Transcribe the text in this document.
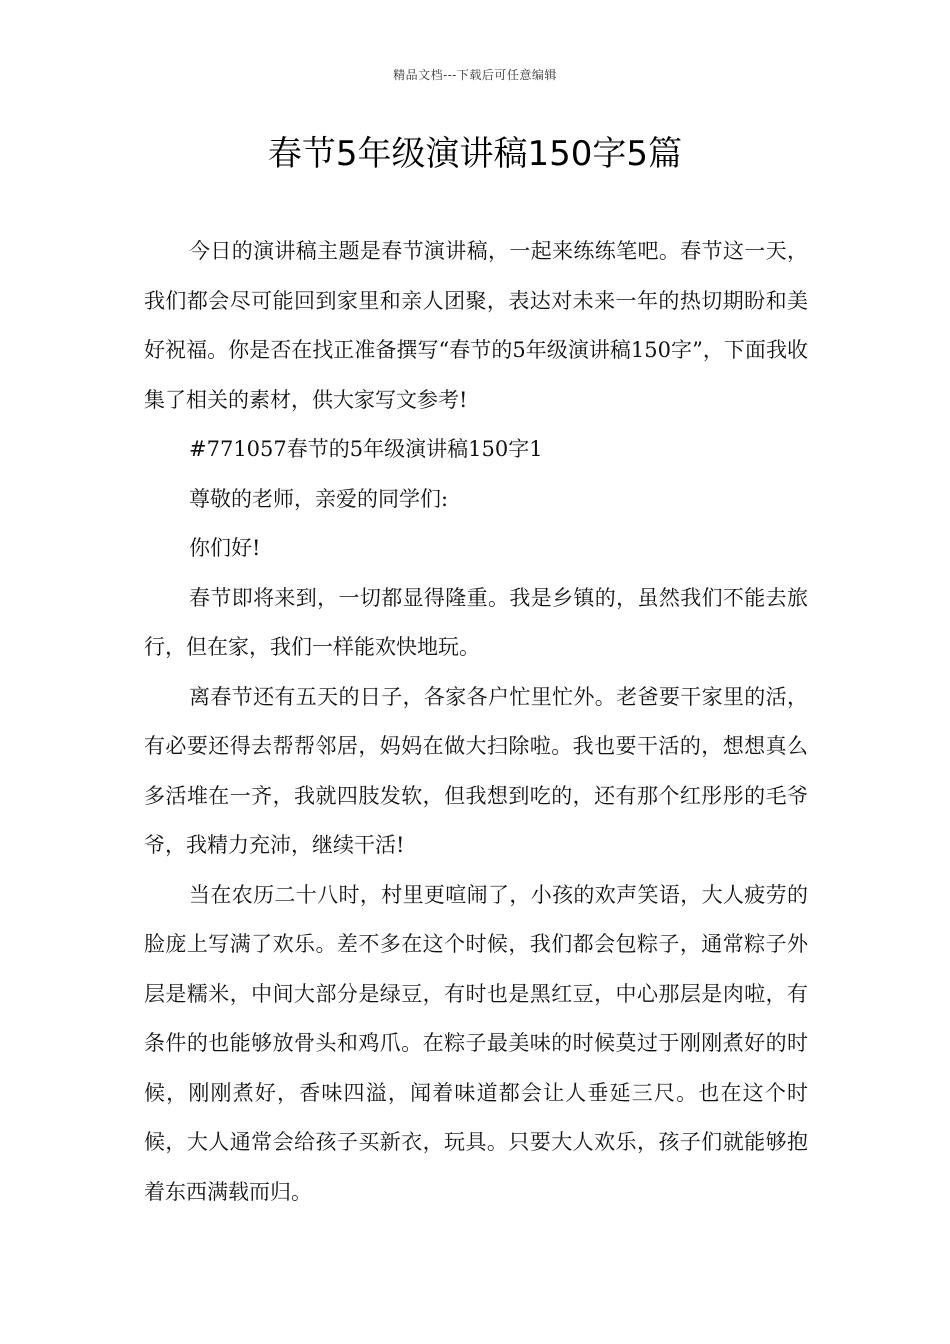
精品文档---下载后可任意编辑
春节5年级演讲稿150字5篇

今日的演讲稿主题是春节演讲稿，一起来练练笔吧。春节这一天，我们都会尽可能回到家里和亲人团聚，表达对未来一年的热切期盼和美好祝福。你是否在找正准备撰写“春节的5年级演讲稿150字”，下面我收集了相关的素材，供大家写文参考!

#771057春节的5年级演讲稿150字1

尊敬的老师，亲爱的同学们:

你们好!

春节即将来到，一切都显得隆重。我是乡镇的，虽然我们不能去旅行，但在家，我们一样能欢快地玩。

离春节还有五天的日子，各家各户忙里忙外。老爸要干家里的活，有必要还得去帮帮邻居，妈妈在做大扫除啦。我也要干活的，想想真么多活堆在一齐，我就四肢发软，但我想到吃的，还有那个红彤彤的毛爷爷，我精力充沛，继续干活!

当在农历二十八时，村里更喧闹了，小孩的欢声笑语，大人疲劳的脸庞上写满了欢乐。差不多在这个时候，我们都会包粽子，通常粽子外层是糯米，中间大部分是绿豆，有时也是黑红豆，中心那层是肉啦，有条件的也能够放骨头和鸡爪。在粽子最美味的时候莫过于刚刚煮好的时候，刚刚煮好，香味四溢，闻着味道都会让人垂延三尺。也在这个时候，大人通常会给孩子买新衣，玩具。只要大人欢乐，孩子们就能够抱着东西满载而归。
